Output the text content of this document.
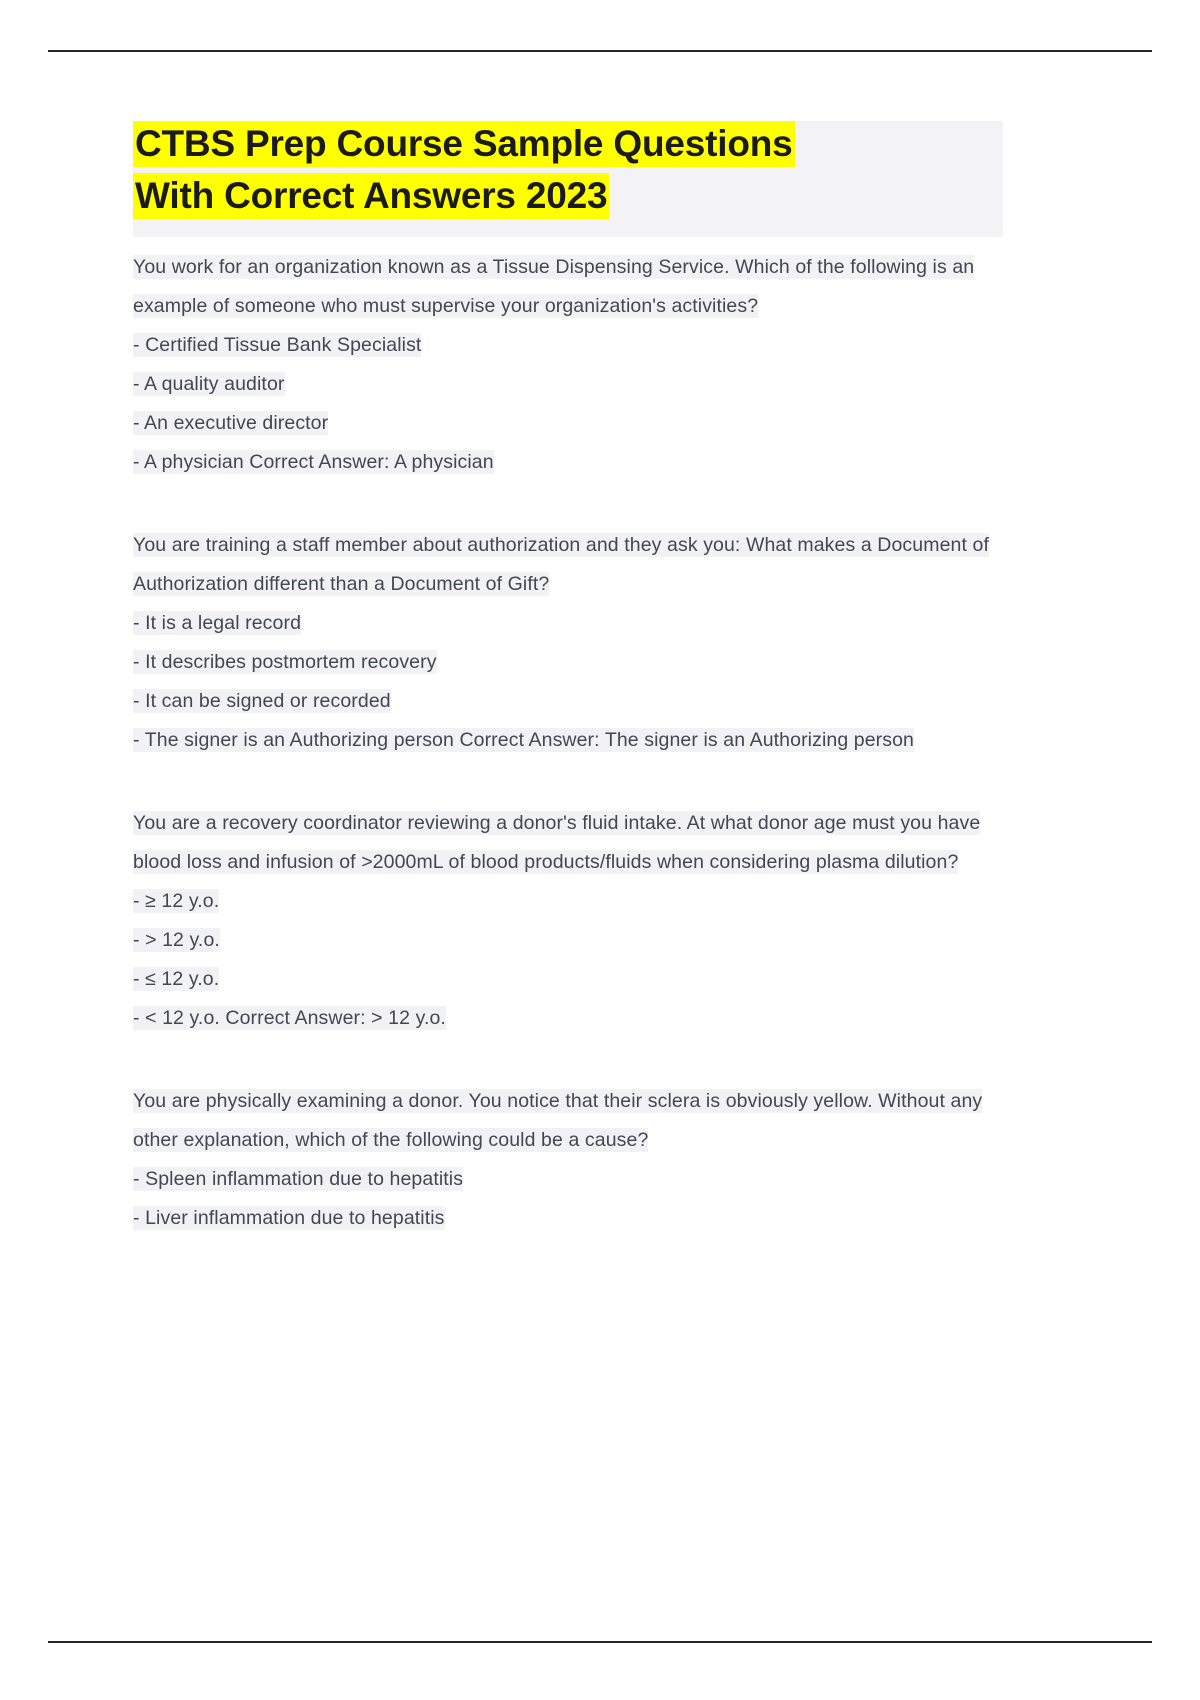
CTBS Prep Course Sample Questions
With Correct Answers 2023

You work for an organization known as a Tissue Dispensing Service. Which of the following is an example of someone who must supervise your organization's activities?

- Certified Tissue Bank Specialist

- A quality auditor

- An executive director

- A physician Correct Answer: A physician

You are training a staff member about authorization and they ask you: What makes a Document of Authorization different than a Document of Gift?

- It is a legal record

- It describes postmortem recovery

- It can be signed or recorded

- The signer is an Authorizing person Correct Answer: The signer is an Authorizing person

You are a recovery coordinator reviewing a donor's fluid intake. At what donor age must you have blood loss and infusion of >2000mL of blood products/fluids when considering plasma dilution?

- ≥ 12 y.o.

- > 12 y.o.

- ≤ 12 y.o.

- < 12 y.o. Correct Answer: > 12 y.o.

You are physically examining a donor. You notice that their sclera is obviously yellow. Without any other explanation, which of the following could be a cause?

- Spleen inflammation due to hepatitis

- Liver inflammation due to hepatitis
